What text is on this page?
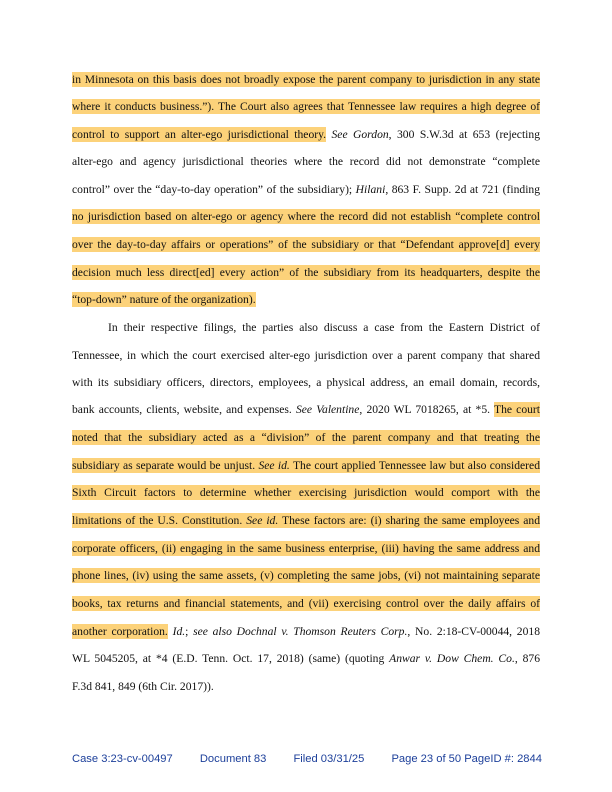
in Minnesota on this basis does not broadly expose the parent company to jurisdiction in any state
where it conducts business.”). The Court also agrees that Tennessee law requires a high degree of
control to support an alter-ego jurisdictional theory. See Gordon, 300 S.W.3d at 653 (rejecting
alter-ego and agency jurisdictional theories where the record did not demonstrate “complete
control” over the “day-to-day operation” of the subsidiary); Hilani, 863 F. Supp. 2d at 721 (finding
no jurisdiction based on alter-ego or agency where the record did not establish “complete control
over the day-to-day affairs or operations” of the subsidiary or that “Defendant approve[d] every
decision much less direct[ed] every action” of the subsidiary from its headquarters, despite the
“top-down” nature of the organization).
In their respective filings, the parties also discuss a case from the Eastern District of
Tennessee, in which the court exercised alter-ego jurisdiction over a parent company that shared
with its subsidiary officers, directors, employees, a physical address, an email domain, records,
bank accounts, clients, website, and expenses. See Valentine, 2020 WL 7018265, at *5. The court
noted that the subsidiary acted as a “division” of the parent company and that treating the
subsidiary as separate would be unjust. See id. The court applied Tennessee law but also considered
Sixth Circuit factors to determine whether exercising jurisdiction would comport with the
limitations of the U.S. Constitution. See id. These factors are: (i) sharing the same employees and
corporate officers, (ii) engaging in the same business enterprise, (iii) having the same address and
phone lines, (iv) using the same assets, (v) completing the same jobs, (vi) not maintaining separate
books, tax returns and financial statements, and (vii) exercising control over the daily affairs of
another corporation. Id.; see also Dochnal v. Thomson Reuters Corp., No. 2:18-CV-00044, 2018
WL 5045205, at *4 (E.D. Tenn. Oct. 17, 2018) (same) (quoting Anwar v. Dow Chem. Co., 876
F.3d 841, 849 (6th Cir. 2017)).
Case 3:23-cv-00497 Document 83 Filed 03/31/25 Page 23 of 50 PageID #: 2844
